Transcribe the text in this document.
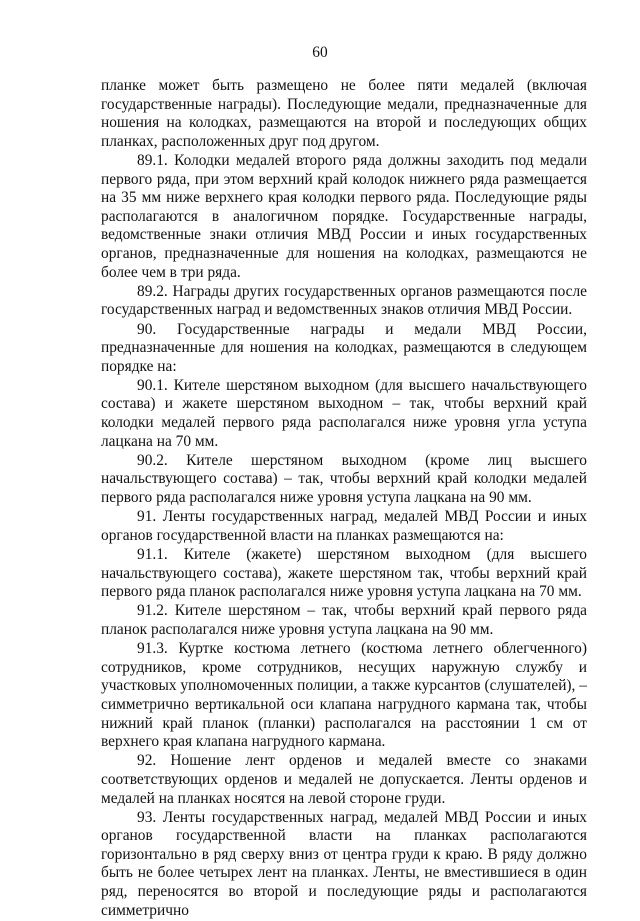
60

планке может быть размещено не более пяти медалей (включая государственные награды). Последующие медали, предназначенные для ношения на колодках, размещаются на второй и последующих общих планках, расположенных друг под другом.

89.1. Колодки медалей второго ряда должны заходить под медали первого ряда, при этом верхний край колодок нижнего ряда размещается на 35 мм ниже верхнего края колодки первого ряда. Последующие ряды располагаются в аналогичном порядке. Государственные награды, ведомственные знаки отличия МВД России и иных государственных органов, предназначенные для ношения на колодках, размещаются не более чем в три ряда.

89.2. Награды других государственных органов размещаются после государственных наград и ведомственных знаков отличия МВД России.

90. Государственные награды и медали МВД России, предназначенные для ношения на колодках, размещаются в следующем порядке на:

90.1. Кителе шерстяном выходном (для высшего начальствующего состава) и жакете шерстяном выходном – так, чтобы верхний край колодки медалей первого ряда располагался ниже уровня угла уступа лацкана на 70 мм.

90.2. Кителе шерстяном выходном (кроме лиц высшего начальствующего состава) – так, чтобы верхний край колодки медалей первого ряда располагался ниже уровня уступа лацкана на 90 мм.

91. Ленты государственных наград, медалей МВД России и иных органов государственной власти на планках размещаются на:

91.1. Кителе (жакете) шерстяном выходном (для высшего начальствующего состава), жакете шерстяном так, чтобы верхний край первого ряда планок располагался ниже уровня уступа лацкана на 70 мм.

91.2. Кителе шерстяном – так, чтобы верхний край первого ряда планок располагался ниже уровня уступа лацкана на 90 мм.

91.3. Куртке костюма летнего (костюма летнего облегченного) сотрудников, кроме сотрудников, несущих наружную службу и участковых уполномоченных полиции, а также курсантов (слушателей), – симметрично вертикальной оси клапана нагрудного кармана так, чтобы нижний край планок (планки) располагался на расстоянии 1 см от верхнего края клапана нагрудного кармана.

92. Ношение лент орденов и медалей вместе со знаками соответствующих орденов и медалей не допускается. Ленты орденов и медалей на планках носятся на левой стороне груди.

93. Ленты государственных наград, медалей МВД России и иных органов государственной власти на планках располагаются горизонтально в ряд сверху вниз от центра груди к краю. В ряду должно быть не более четырех лент на планках. Ленты, не вместившиеся в один ряд, переносятся во второй и последующие ряды и располагаются симметрично
